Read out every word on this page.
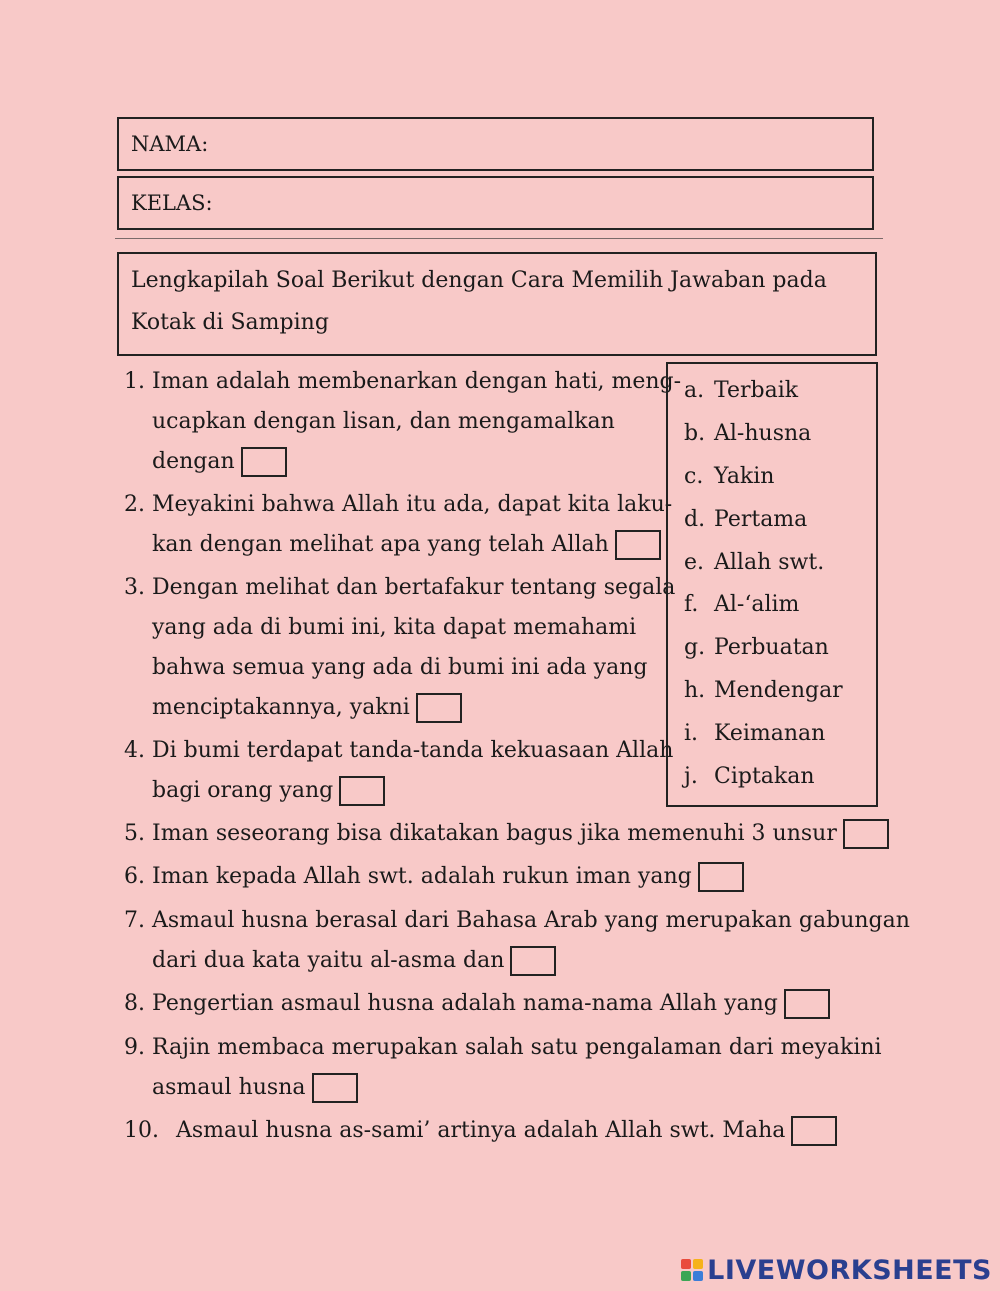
NAMA:
KELAS:
Lengkapilah Soal Berikut dengan Cara Memilih Jawaban pada Kotak di Samping
1. Iman adalah membenarkan dengan hati, meng-
ucapkan dengan lisan, dan mengamalkan
dengan
2. Meyakini bahwa Allah itu ada, dapat kita laku-
kan dengan melihat apa yang telah Allah
3. Dengan melihat dan bertafakur tentang segala
yang ada di bumi ini, kita dapat memahami
bahwa semua yang ada di bumi ini ada yang
menciptakannya, yakni
4. Di bumi terdapat tanda-tanda kekuasaan Allah
bagi orang yang
5. Iman seseorang bisa dikatakan bagus jika memenuhi 3 unsur
6. Iman kepada Allah swt. adalah rukun iman yang
7. Asmaul husna berasal dari Bahasa Arab yang merupakan gabungan
dari dua kata yaitu al-asma dan
8. Pengertian asmaul husna adalah nama-nama Allah yang
9. Rajin membaca merupakan salah satu pengalaman dari meyakini
asmaul husna
10. Asmaul husna as-sami’ artinya adalah Allah swt. Maha
a. Terbaik
b. Al-husna
c. Yakin
d. Pertama
e. Allah swt.
f. Al-‘alim
g. Perbuatan
h. Mendengar
i. Keimanan
j. Ciptakan
LIVEWORKSHEETS
